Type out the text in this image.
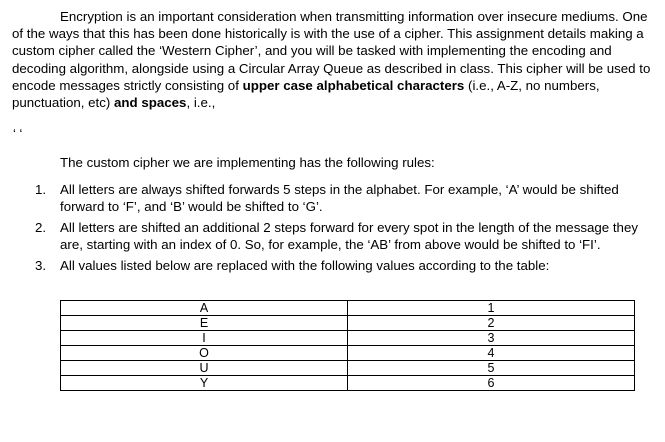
Encryption is an important consideration when transmitting information over insecure mediums. One of the ways that this has been done historically is with the use of a cipher. This assignment details making a custom cipher called the ‘Western Cipher’, and you will be tasked with implementing the encoding and decoding algorithm, alongside using a Circular Array Queue as described in class. This cipher will be used to encode messages strictly consisting of upper case alphabetical characters (i.e., A-Z, no numbers, punctuation, etc) and spaces, i.e.,

‘ ‘
The custom cipher we are implementing has the following rules:
1. All letters are always shifted forwards 5 steps in the alphabet. For example, ‘A’ would be shifted forward to ‘F’, and ‘B’ would be shifted to ‘G’.
2. All letters are shifted an additional 2 steps forward for every spot in the length of the message they are, starting with an index of 0. So, for example, the ‘AB’ from above would be shifted to ‘FI’.
3. All values listed below are replaced with the following values according to the table:
A	1
E	2
I	3
O	4
U	5
Y	6
